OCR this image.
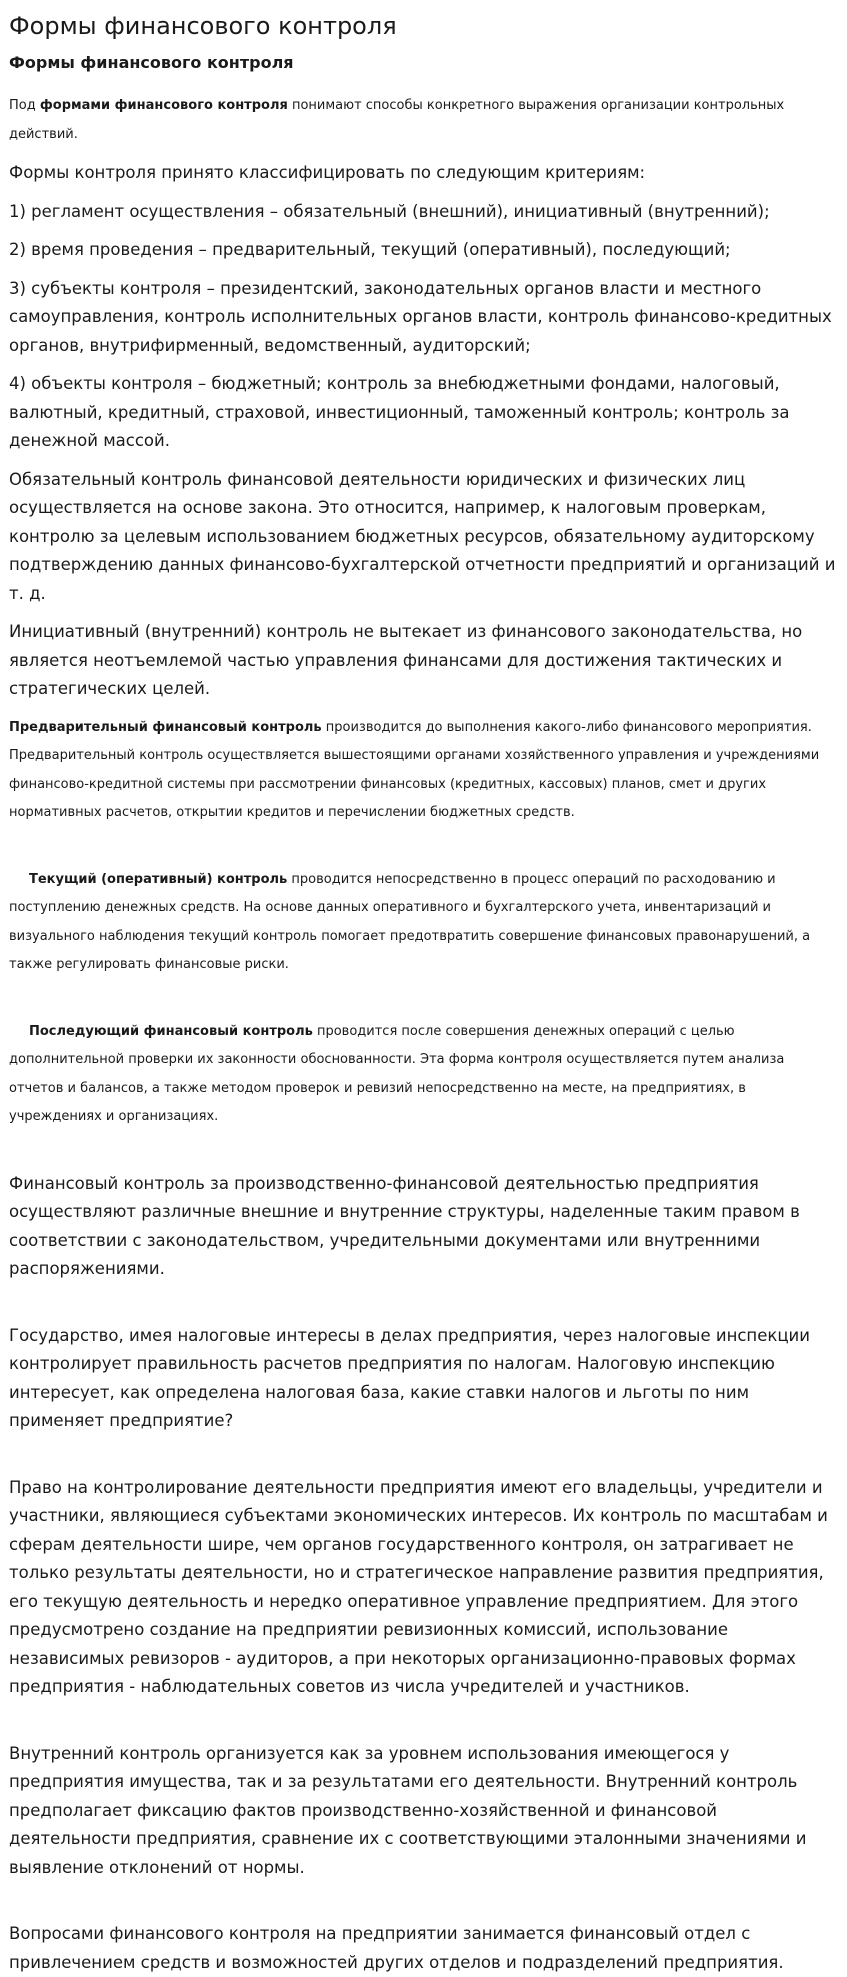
Формы финансового контроля
Формы финансового контроля

Под формами финансового контроля понимают способы конкретного выражения организации контрольных действий.

Формы контроля принято классифицировать по следующим критериям:

1) регламент осуществления – обязательный (внешний), инициативный (внутренний);

2) время проведения – предварительный, текущий (оперативный), последующий;

3) субъекты контроля – президентский, законодательных органов власти и местного самоуправления, контроль исполнительных органов власти, контроль финансово-кредитных органов, внутрифирменный, ведомственный, аудиторский;

4) объекты контроля – бюджетный; контроль за внебюджетными фондами, налоговый, валютный, кредитный, страховой, инвестиционный, таможенный контроль; контроль за денежной массой.

Обязательный контроль финансовой деятельности юридических и физических лиц осуществляется на основе закона. Это относится, например, к налоговым проверкам, контролю за целевым использованием бюджетных ресурсов, обязательному аудиторскому подтверждению данных финансово-бухгалтерской отчетности предприятий и организаций и т. д.

Инициативный (внутренний) контроль не вытекает из финансового законодательства, но является неотъемлемой частью управления финансами для достижения тактических и стратегических целей.

Предварительный финансовый контроль производится до выполнения какого-либо финансового мероприятия. Предварительный контроль осуществляется вышестоящими органами хозяйственного управления и учреждениями финансово-кредитной системы при рассмотрении финансовых (кредитных, кассовых) планов, смет и других нормативных расчетов, открытии кредитов и перечислении бюджетных средств.

Текущий (оперативный) контроль проводится непосредственно в процесс операций по расходованию и поступлению денежных средств. На основе данных оперативного и бухгалтерского учета, инвентаризаций и визуального наблюдения текущий контроль помогает предотвратить совершение финансовых правонарушений, а также регулировать финансовые риски.

Последующий финансовый контроль проводится после совершения денежных операций с целью дополнительной проверки их законности обоснованности. Эта форма контроля осуществляется путем анализа отчетов и балансов, а также методом проверок и ревизий непосредственно на месте, на предприятиях, в учреждениях и организациях.

Финансовый контроль за производственно-финансовой деятельностью предприятия осуществляют различные внешние и внутренние структуры, наделенные таким правом в соответствии с законодательством, учредительными документами или внутренними распоряжениями.

Государство, имея налоговые интересы в делах предприятия, через налоговые инспекции контролирует правильность расчетов предприятия по налогам. Налоговую инспекцию интересует, как определена налоговая база, какие ставки налогов и льготы по ним применяет предприятие?

Право на контролирование деятельности предприятия имеют его владельцы, учредители и участники, являющиеся субъектами экономических интересов. Их контроль по масштабам и сферам деятельности шире, чем органов государственного контроля, он затрагивает не только результаты деятельности, но и стратегическое направление развития предприятия, его текущую деятельность и нередко оперативное управление предприятием. Для этого предусмотрено создание на предприятии ревизионных комиссий, использование независимых ревизоров - аудиторов, а при некоторых организационно-правовых формах предприятия - наблюдательных советов из числа учредителей и участников.

Внутренний контроль организуется как за уровнем использования имеющегося у предприятия имущества, так и за результатами его деятельности. Внутренний контроль предполагает фиксацию фактов производственно-хозяйственной и финансовой деятельности предприятия, сравнение их с соответствующими эталонными значениями и выявление отклонений от нормы.

Вопросами финансового контроля на предприятии занимается финансовый отдел с привлечением средств и возможностей других отделов и подразделений предприятия.
